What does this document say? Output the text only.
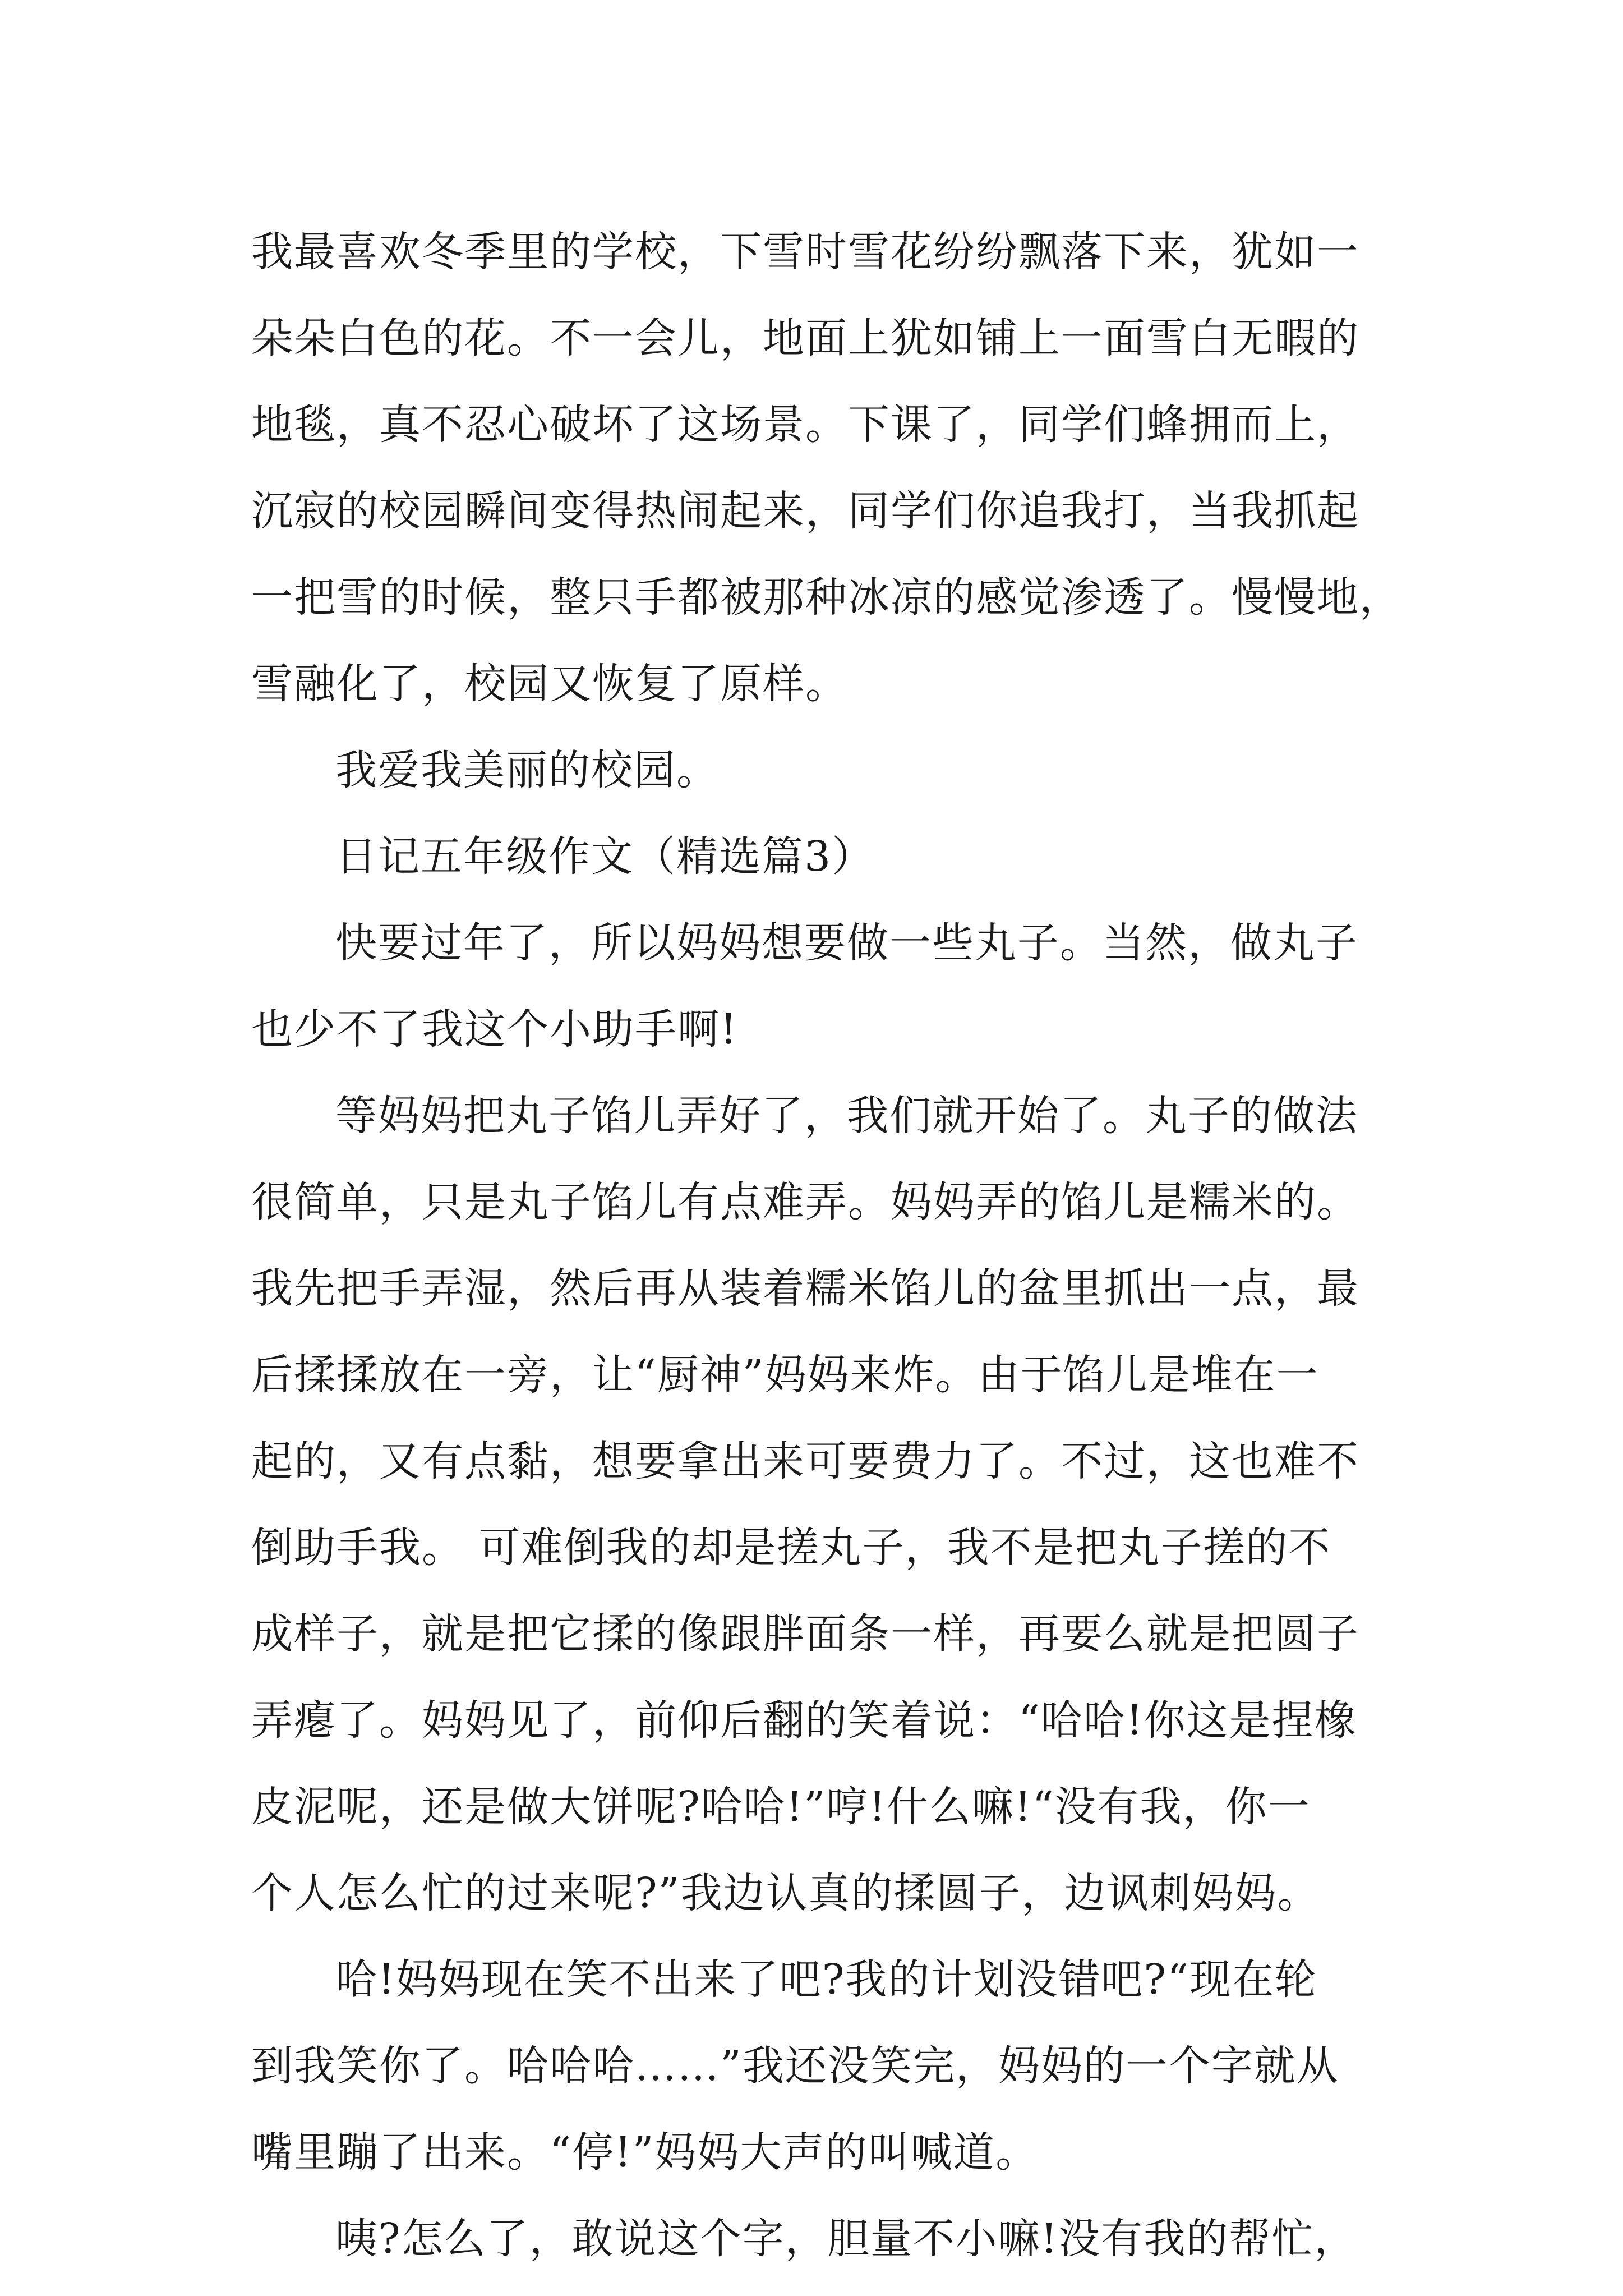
我最喜欢冬季里的学校，下雪时雪花纷纷飘落下来，犹如一
朵朵白色的花。不一会儿，地面上犹如铺上一面雪白无暇的
地毯，真不忍心破坏了这场景。下课了，同学们蜂拥而上，
沉寂的校园瞬间变得热闹起来，同学们你追我打，当我抓起
一把雪的时候，整只手都被那种冰凉的感觉渗透了。慢慢地，
雪融化了，校园又恢复了原样。

我爱我美丽的校园。

日记五年级作文（精选篇3）

快要过年了，所以妈妈想要做一些丸子。当然，做丸子
也少不了我这个小助手啊!

等妈妈把丸子馅儿弄好了，我们就开始了。丸子的做法
很简单，只是丸子馅儿有点难弄。妈妈弄的馅儿是糯米的。
我先把手弄湿，然后再从装着糯米馅儿的盆里抓出一点，最
后揉揉放在一旁，让“厨神”妈妈来炸。由于馅儿是堆在一
起的，又有点黏，想要拿出来可要费力了。不过，这也难不
倒助手我。 可难倒我的却是搓丸子，我不是把丸子搓的不
成样子，就是把它揉的像跟胖面条一样，再要么就是把圆子
弄瘪了。妈妈见了，前仰后翻的笑着说：“哈哈!你这是捏橡
皮泥呢，还是做大饼呢?哈哈!”哼!什么嘛!“没有我，你一
个人怎么忙的过来呢?”我边认真的揉圆子，边讽刺妈妈。

哈!妈妈现在笑不出来了吧?我的计划没错吧?“现在轮
到我笑你了。哈哈哈……”我还没笑完，妈妈的一个字就从
嘴里蹦了出来。“停!”妈妈大声的叫喊道。

咦?怎么了，敢说这个字，胆量不小嘛!没有我的帮忙，
